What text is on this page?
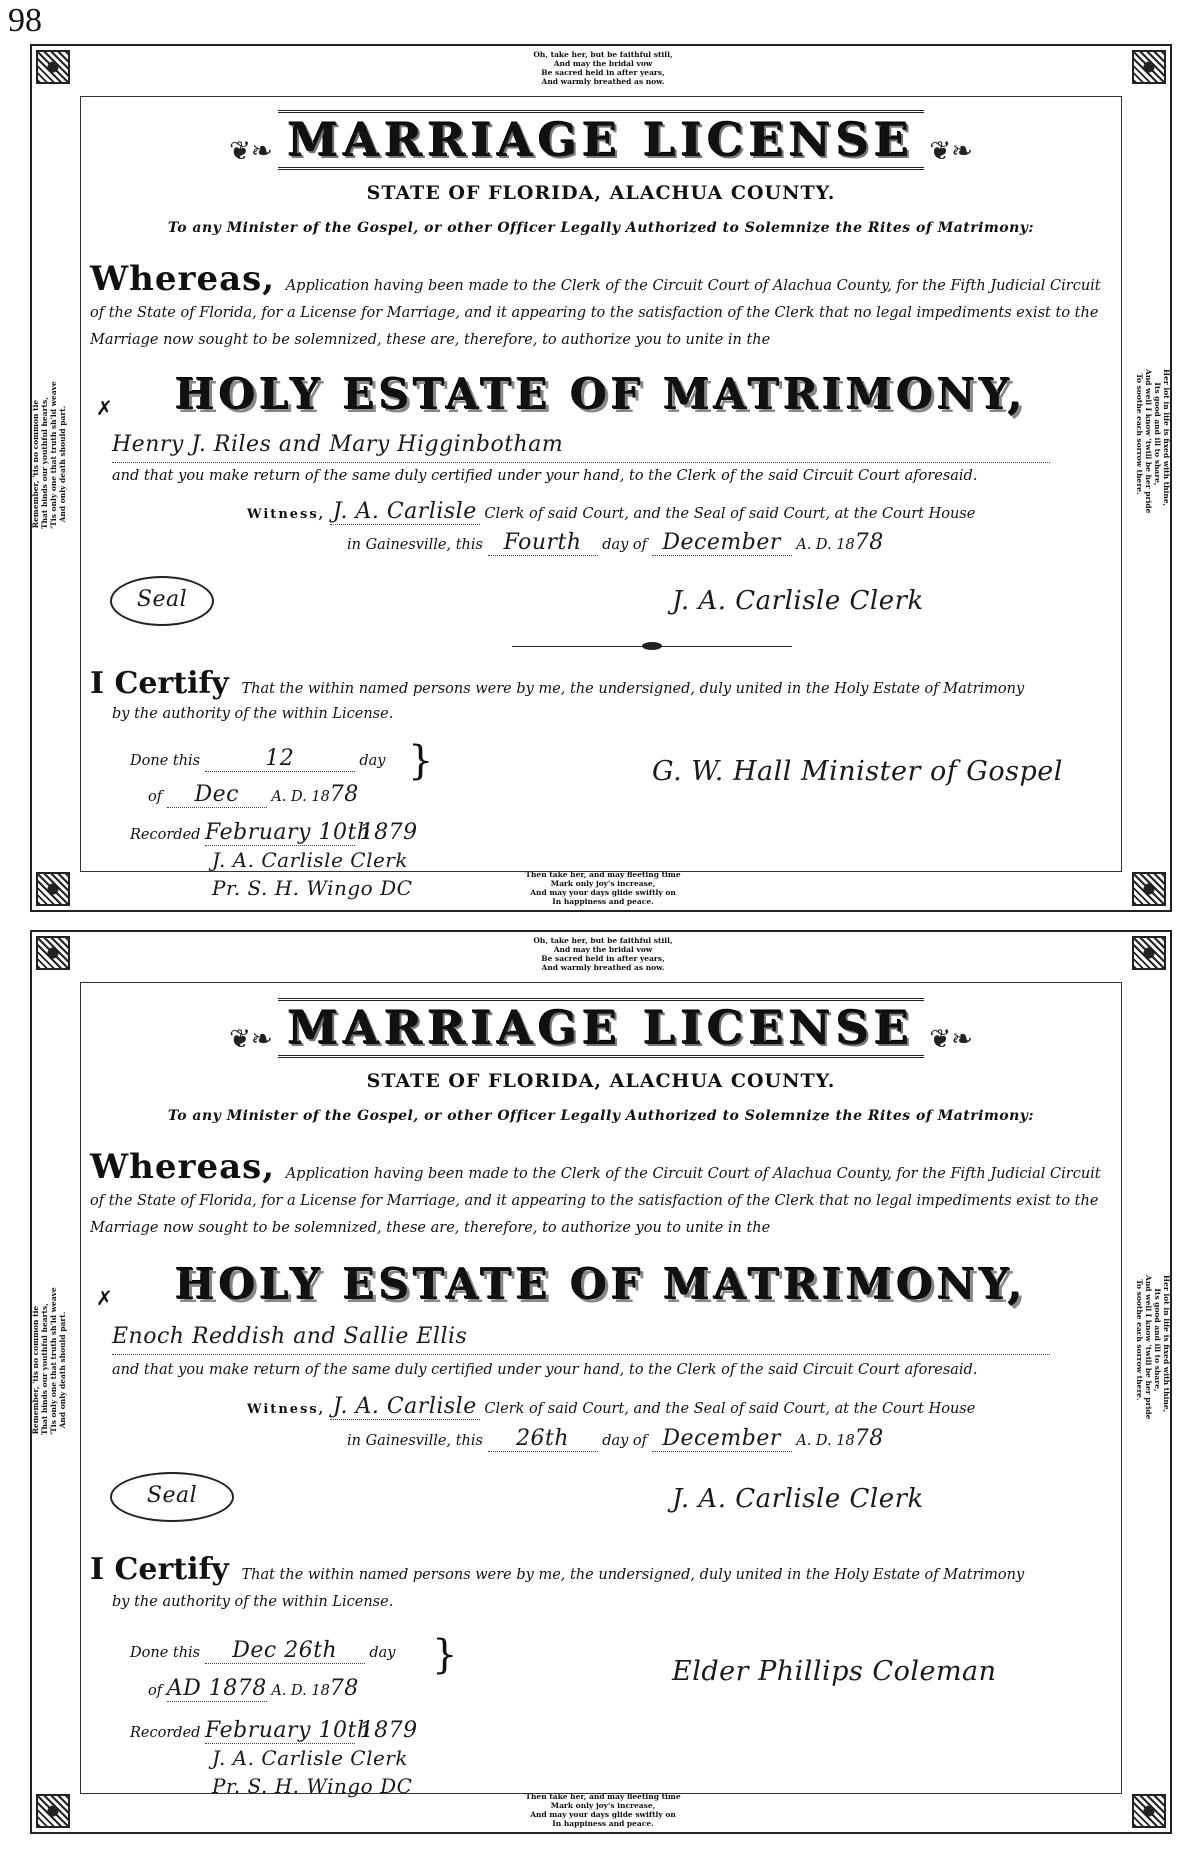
98
Oh, take her, but be faithful still,
And may the bridal vow
Be sacred held in after years,
And warmly breathed as now.
Then take her, and may fleeting time
Mark only joy's increase,
And may your days glide swiftly on
In happiness and peace.
Remember, 'tis no common tie That binds our youthful hearts, 'Tis only one that truth sh'ld weave And only death should part.	Her lot in life is fixed with thine,
Its good and ill to share,
And well I know 'twill be her pride
To soothe each sorrow there.
❦❧ MARRIAGE LICENSE ❦❧
STATE OF FLORIDA, ALACHUA COUNTY.
To any Minister of the Gospel, or other Officer Legally Authorized to Solemnize the Rites of Matrimony:
Whereas, Application having been made to the Clerk of the Circuit Court of Alachua County, for the Fifth Judicial Circuit of the State of Florida, for a License for Marriage, and it appearing to the satisfaction of the Clerk that no legal impediments exist to the Marriage now sought to be solemnized, these are, therefore, to authorize you to unite in the
HOLY ESTATE OF MATRIMONY,
✗
Henry J. Riles and Mary Higginbotham
and that you make return of the same duly certified under your hand, to the Clerk of the said Circuit Court aforesaid.
Witness, J. A. Carlisle Clerk of said Court, and the Seal of said Court, at the Court House
in Gainesville, this Fourth day of December A. D. 1878
Seal	J. A. Carlisle Clerk
I Certify That the within named persons were by me, the undersigned, duly united in the Holy Estate of Matrimony
by the authority of the within License.
Done this	12	day
of Dec A. D. 1878
}	G. W. Hall Minister of Gospel
Recorded February 10th 1879
J. A. Carlisle Clerk
Pr. S. H. Wingo DC
Oh, take her, but be faithful still,
And may the bridal vow
Be sacred held in after years,
And warmly breathed as now.
Then take her, and may fleeting time
Mark only joy's increase,
And may your days glide swiftly on
In happiness and peace.
Remember, 'tis no common tie That binds our youthful hearts, 'Tis only one that truth sh'ld weave And only death should part.	Her lot in life is fixed with thine,
Its good and ill to share,
And well I know 'twill be her pride
To soothe each sorrow there.
❦❧ MARRIAGE LICENSE ❦❧
STATE OF FLORIDA, ALACHUA COUNTY.
To any Minister of the Gospel, or other Officer Legally Authorized to Solemnize the Rites of Matrimony:
Whereas, Application having been made to the Clerk of the Circuit Court of Alachua County, for the Fifth Judicial Circuit of the State of Florida, for a License for Marriage, and it appearing to the satisfaction of the Clerk that no legal impediments exist to the Marriage now sought to be solemnized, these are, therefore, to authorize you to unite in the
HOLY ESTATE OF MATRIMONY,
✗
Enoch Reddish and Sallie Ellis
and that you make return of the same duly certified under your hand, to the Clerk of the said Circuit Court aforesaid.
Witness, J. A. Carlisle Clerk of said Court, and the Seal of said Court, at the Court House
in Gainesville, this 26th day of December A. D. 1878
Seal	J. A. Carlisle Clerk
I Certify That the within named persons were by me, the undersigned, duly united in the Holy Estate of Matrimony
by the authority of the within License.
Done this Dec 26th day
of AD 1878 A. D. 1878
}	Elder Phillips Coleman
Recorded February 10th 1879
J. A. Carlisle Clerk
Pr. S. H. Wingo DC
